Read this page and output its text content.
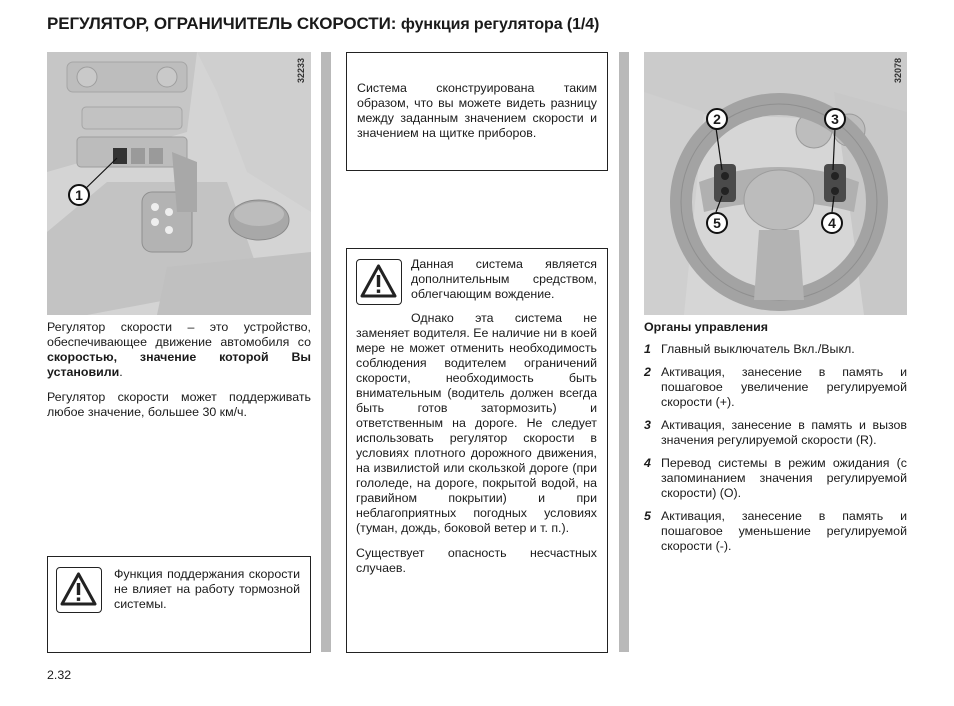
РЕГУЛЯТОР, ОГРАНИЧИТЕЛЬ СКОРОСТИ: функция регулятора (1/4)
32233
1

Регулятор скорости – это устройство, обеспечивающее движение автомобиля со скоростью, значение которой Вы установили.

Регулятор скорости может поддерживать любое значение, большее 30 км/ч.

Функция поддержания скорости не влияет на работу тормозной системы.
Система сконструирована таким образом, что вы можете видеть разницу между заданным значением скорости и значением на щитке приборов.
Данная система является дополнительным средством, облегчающим вождение.

Однако эта система не заменяет водителя. Ее наличие ни в коей мере не может отменить необходимость соблюдения водителем ограничений скорости, необходимость быть внимательным (водитель должен всегда быть готов затормозить) и ответственным на дороге. Не следует использовать регулятор скорости в условиях плотного дорожного движения, на извилистой или скользкой дороге (при гололеде, на дороге, покрытой водой, на гравийном покрытии) и при неблагоприятных погодных условиях (туман, дождь, боковой ветер и т. п.).

Существует опасность несчастных случаев.

32078
2	3
5	4
Органы управления
1 Главный выключатель Вкл./Выкл.
2 Активация, занесение в память и пошаговое увеличение регулируемой скорости (+).
3 Активация, занесение в память и вызов значения регулируемой скорости (R).
4 Перевод системы в режим ожидания (с запоминанием значения регулируемой скорости) (O).
5 Активация, занесение в память и пошаговое уменьшение регулируемой скорости (-).
2.32
